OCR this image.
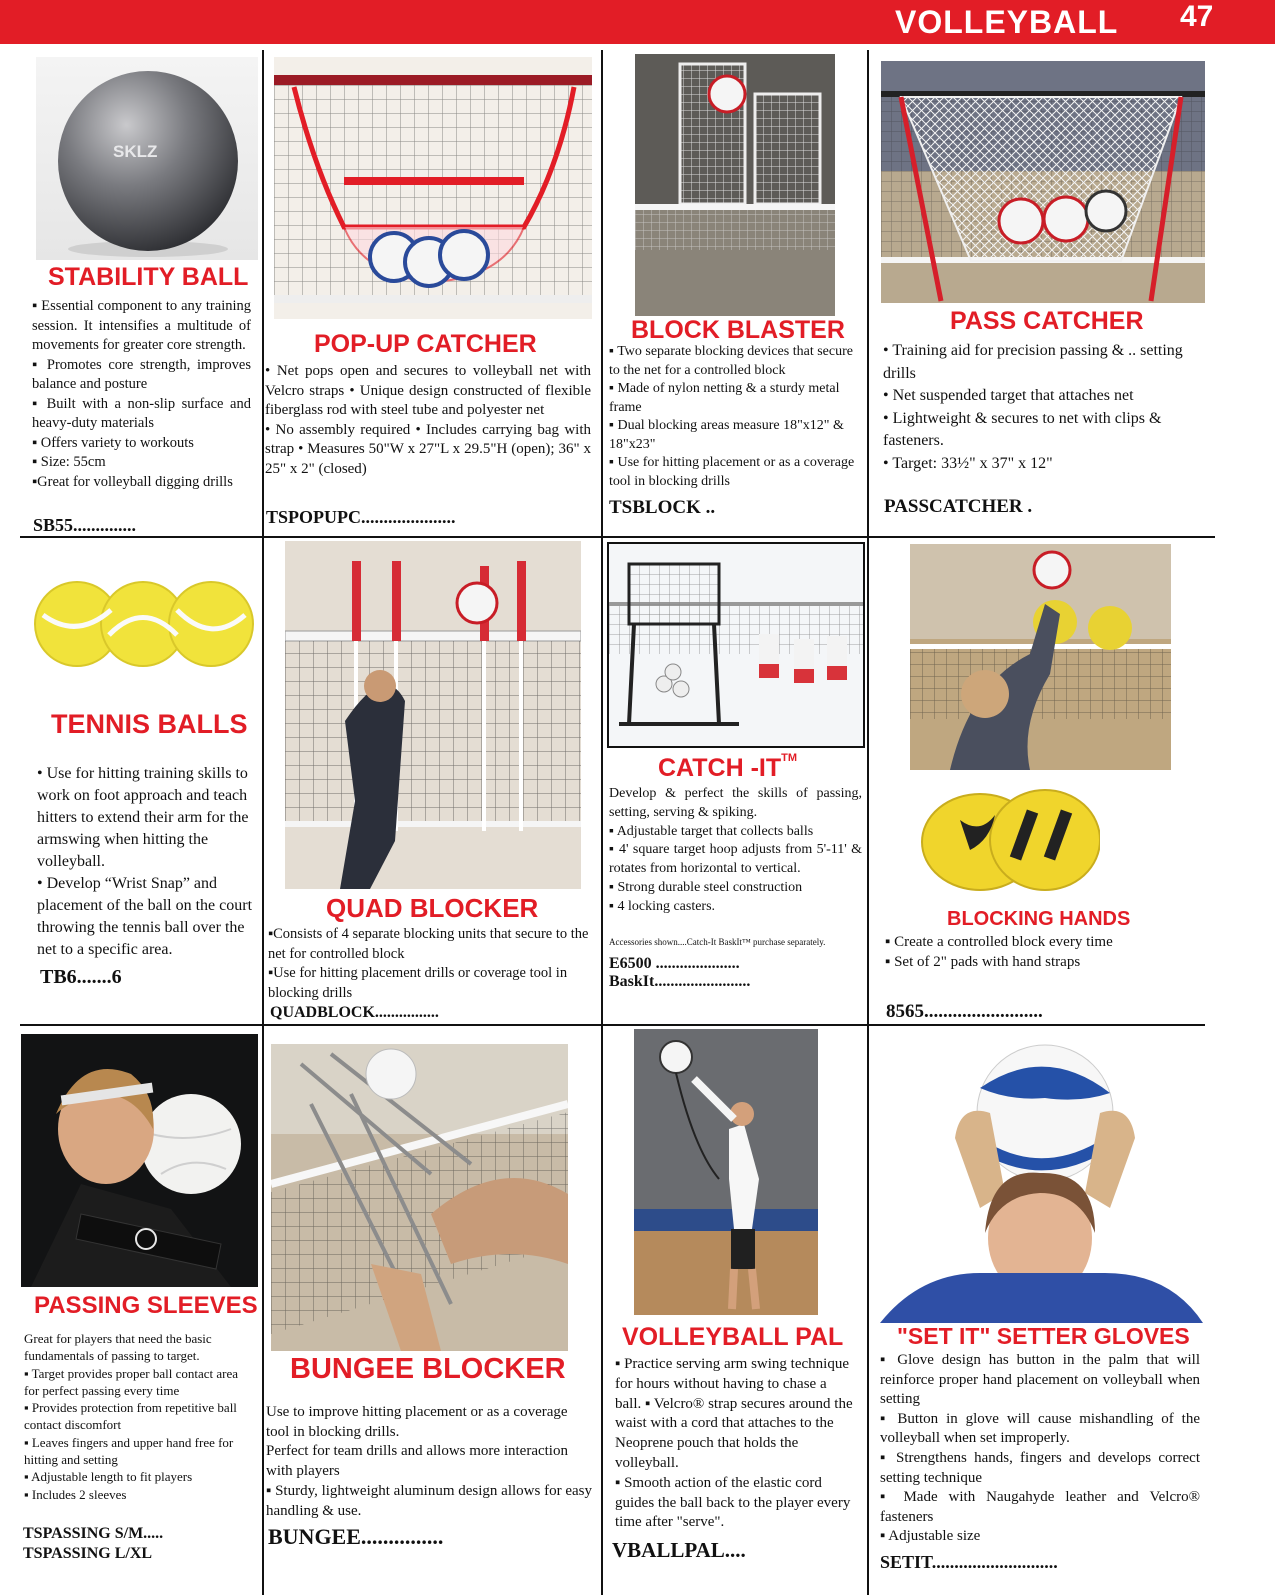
VOLLEYBALL 47
SKLZ
STABILITY BALL

▪ Essential component to any training session. It intensifies a multitude of movements for greater core strength.

▪ Promotes core strength, improves balance and posture

▪ Built with a non-slip surface and heavy-duty materials

▪ Offers variety to workouts

▪ Size: 55cm

▪Great for volleyball digging drills

SB55..............
POP-UP CATCHER

• Net pops open and secures to volleyball net with Velcro straps • Unique design constructed of flexible fiberglass rod with steel tube and polyester net

• No assembly required • Includes carrying bag with strap • Measures 50"W x 27"L x 29.5"H (open); 36" x 25" x 2" (closed)

TSPOPUPC.....................
BLOCK BLASTER

▪ Two separate blocking devices that secure to the net for a controlled block

▪ Made of nylon netting & a sturdy metal frame

▪ Dual blocking areas measure 18"x12" & 18"x23"

▪ Use for hitting placement or as a coverage tool in blocking drills

TSBLOCK ..
PASS CATCHER

• Training aid for precision passing & .. setting drills

• Net suspended target that attaches net

• Lightweight & secures to net with clips & fasteners.

• Target: 33½" x 37" x 12"

PASSCATCHER .
TENNIS BALLS

• Use for hitting training skills to work on foot approach and teach hitters to extend their arm for the armswing when hitting the volleyball.

• Develop “Wrist Snap” and placement of the ball on the court throwing the tennis ball over the net to a specific area.

TB6.......6
QUAD BLOCKER

▪Consists of 4 separate blocking units that secure to the net for controlled block

▪Use for hitting placement drills or coverage tool in blocking drills

QUADBLOCK................
CATCH -IT™

Develop & perfect the skills of passing, setting, serving & spiking.

▪ Adjustable target that collects balls

▪ 4' square target hoop adjusts from 5'-11' & rotates from horizontal to vertical.

▪ Strong durable steel construction

▪ 4 locking casters.

Accessories shown....Catch-It BaskIt™ purchase separately.
E6500 .....................
BaskIt........................
BLOCKING HANDS

▪ Create a controlled block every time

▪ Set of 2" pads with hand straps

8565.........................
PASSING SLEEVES

Great for players that need the basic fundamentals of passing to target.

▪ Target provides proper ball contact area for perfect passing every time

▪ Provides protection from repetitive ball contact discomfort

▪ Leaves fingers and upper hand free for hitting and setting

▪ Adjustable length to fit players

▪ Includes 2 sleeves

TSPASSING S/M.....
TSPASSING L/XL
BUNGEE BLOCKER

Use to improve hitting placement or as a coverage tool in blocking drills.

Perfect for team drills and allows more interaction with players

▪ Sturdy, lightweight aluminum design allows for easy handling & use.

BUNGEE...............
VOLLEYBALL PAL

▪ Practice serving arm swing technique for hours without having to chase a ball. ▪ Velcro® strap secures around the waist with a cord that attaches to the Neoprene pouch that holds the volleyball.

▪ Smooth action of the elastic cord guides the ball back to the player every time after "serve".

VBALLPAL....
"SET IT" SETTER GLOVES

▪ Glove design has button in the palm that will reinforce proper hand placement on volleyball when setting

▪ Button in glove will cause mishandling of the volleyball when set improperly.

▪ Strengthens hands, fingers and develops correct setting technique

▪ Made with Naugahyde leather and Velcro® fasteners

▪ Adjustable size

SETIT............................
